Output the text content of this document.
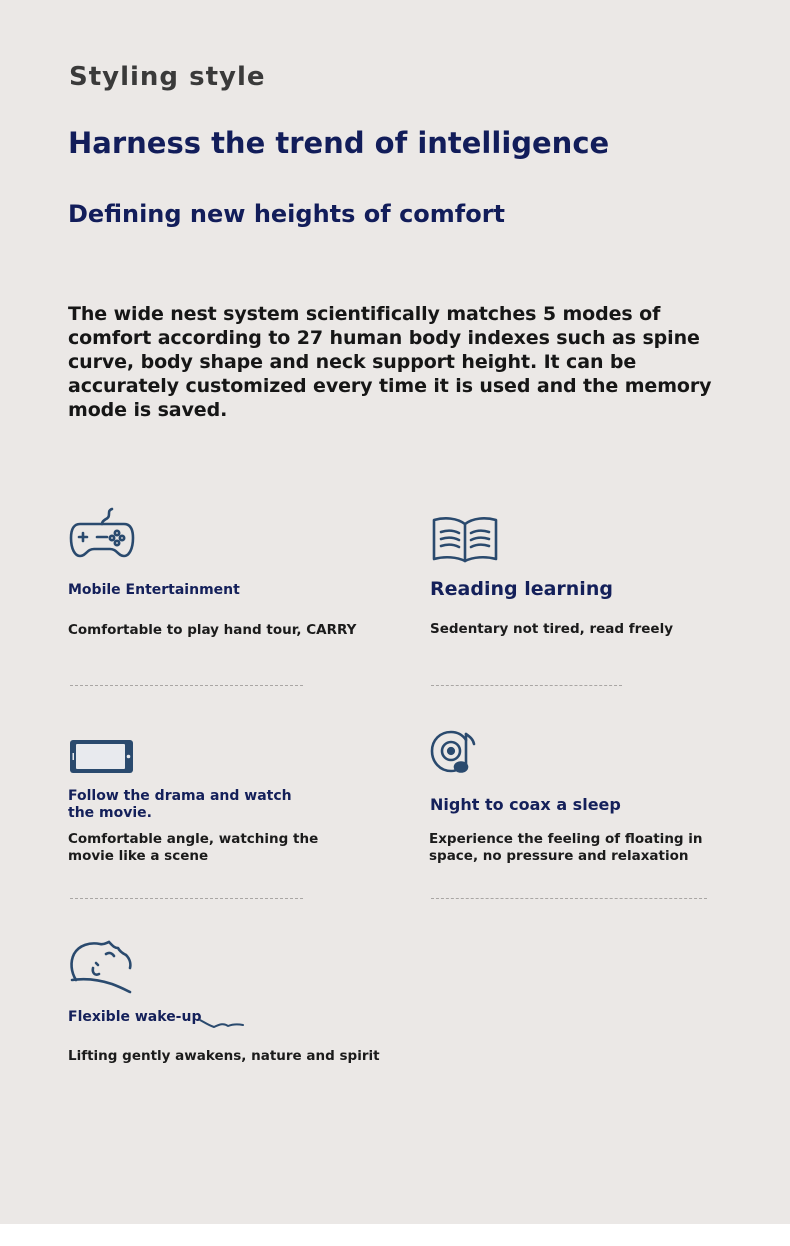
Styling style

Harness the trend of intelligence

Defining new heights of comfort

The wide nest system scientifically matches 5 modes of comfort according to 27 human body indexes such as spine curve, body shape and neck support height. It can be accurately customized every time it is used and the memory mode is saved.

Mobile Entertainment
Comfortable to play hand tour, CARRY
Reading learning
Sedentary not tired, read freely
Follow the drama and watch the movie.
Comfortable angle, watching the movie like a scene
Night to coax a sleep
Experience the feeling of floating in space, no pressure and relaxation
Flexible wake-up
Lifting gently awakens, nature and spirit
